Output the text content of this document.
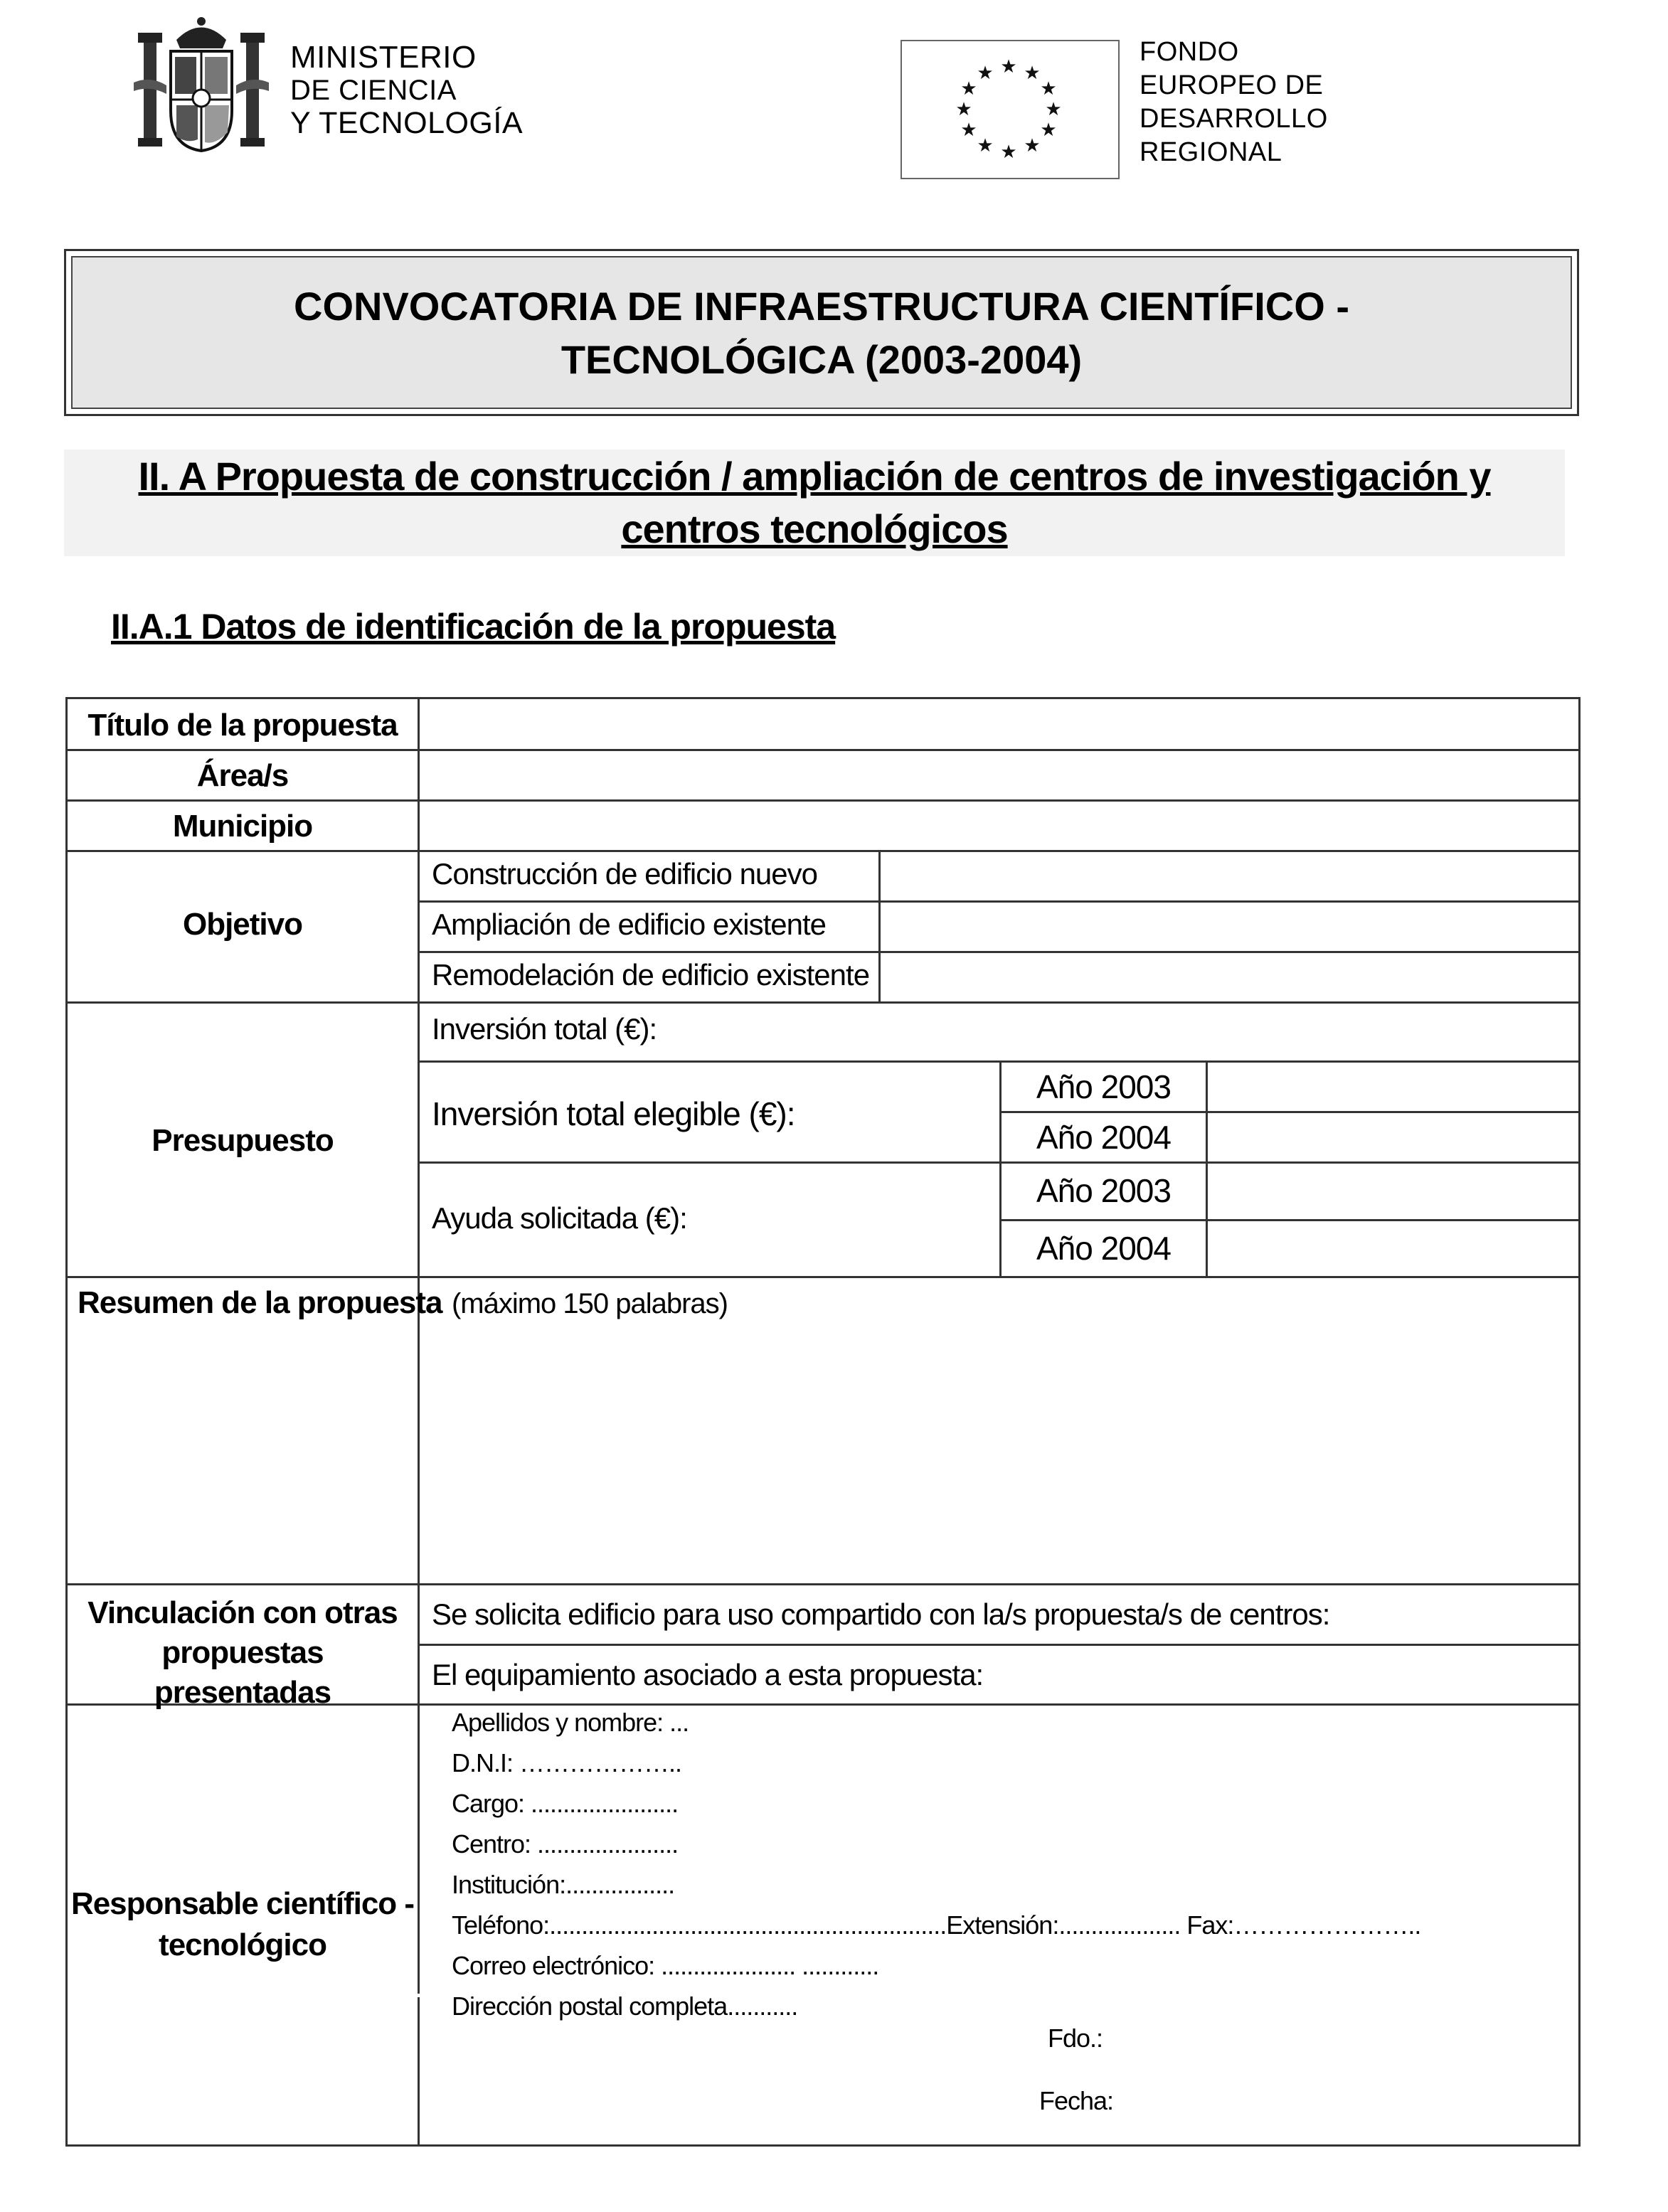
MINISTERIO
DE CIENCIA
Y TECNOLOGÍA
★ ★
★
★
★
★
★
★
★
★
★
★
FONDO
EUROPEO DE
DESARROLLO
REGIONAL
CONVOCATORIA DE INFRAESTRUCTURA CIENTÍFICO -
TECNOLÓGICA (2003-2004)
II. A Propuesta de construcción / ampliación de centros de investigación y
centros tecnológicos
II.A.1 Datos de identificación de la propuesta
Título de la propuesta
Área/s
Municipio
Objetivo
Presupuesto
Construcción de edificio nuevo
Ampliación de edificio existente
Remodelación de edificio existente
Inversión total (€):
Inversión total elegible (€):
Ayuda solicitada (€):
Año 2003
Año 2004
Año 2003
Año 2004
Resumen de la propuesta (máximo 150 palabras)
Vinculación con otras
propuestas
presentadas
Se solicita edificio para uso compartido con la/s propuesta/s de centros:
El equipamiento asociado a esta propuesta:
Responsable científico -
tecnológico
Apellidos y nombre: ...
D.N.I: ………………..
Cargo: .......................
Centro: ......................
Institución:.................
Teléfono:..............................................................Extensión:................... Fax:…………………..
Correo electrónico: ..................... ............
Dirección postal completa...........
Fdo.:
Fecha:
